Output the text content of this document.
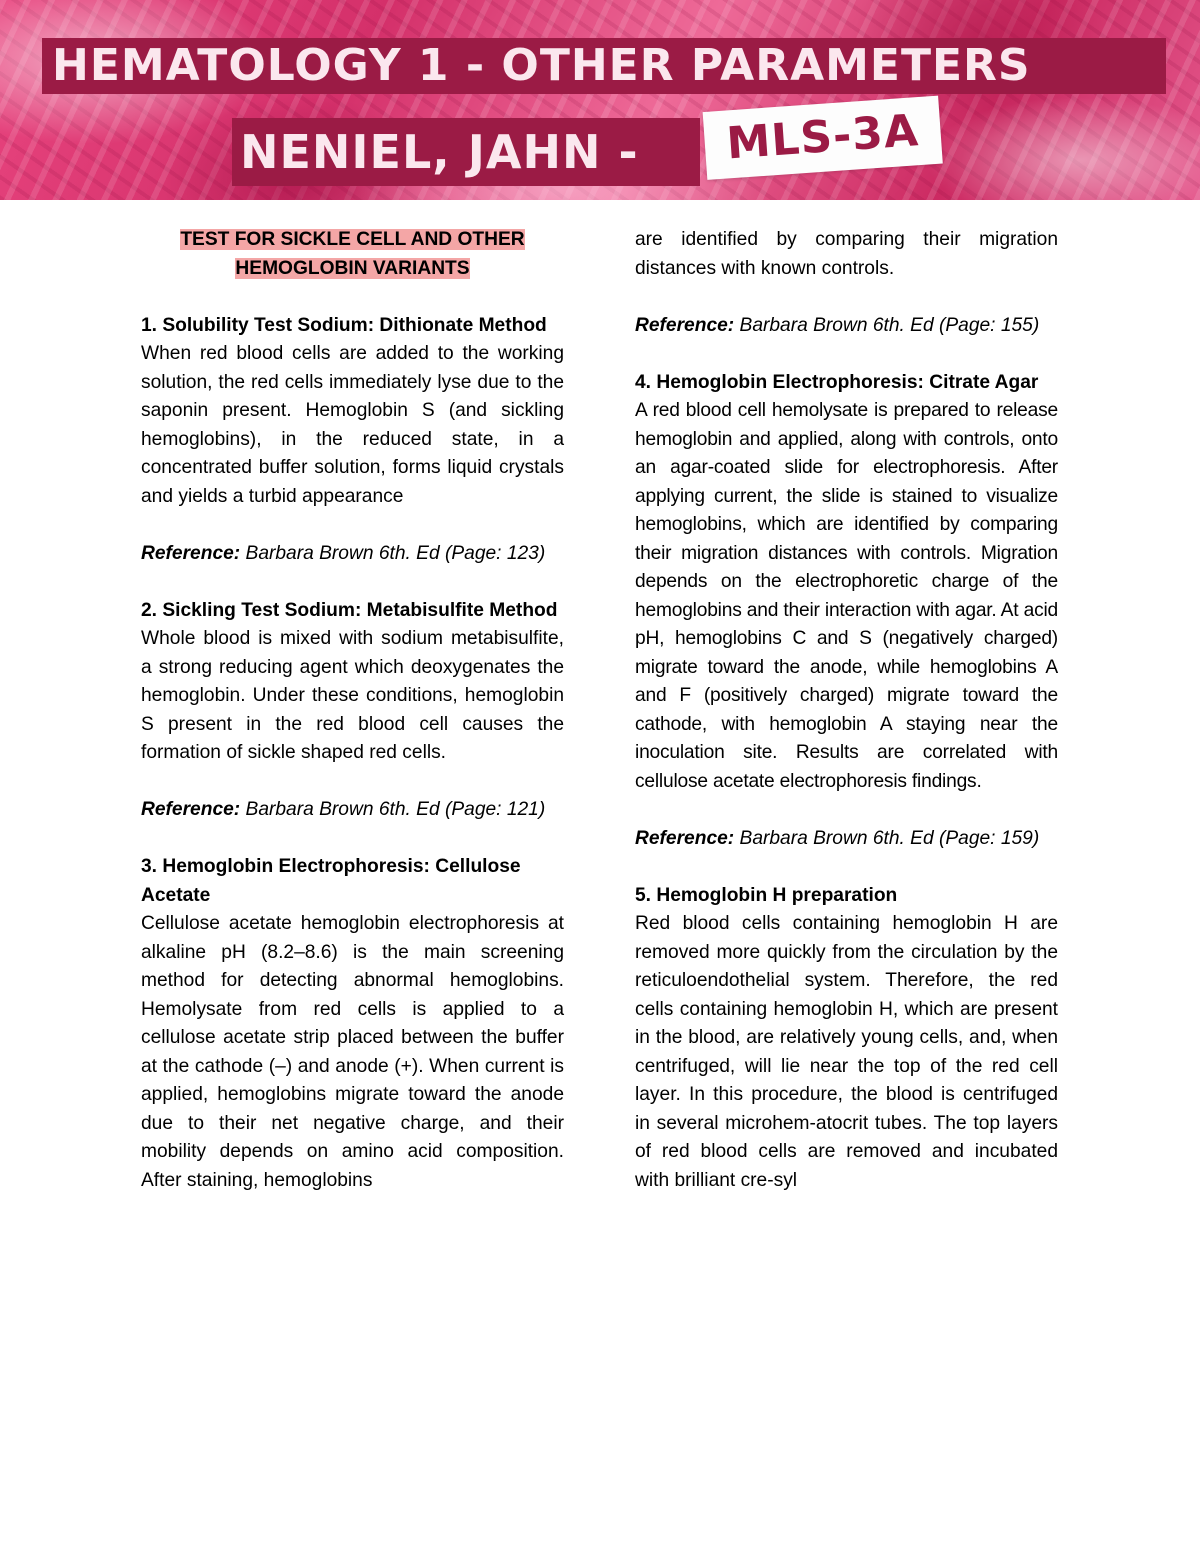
HEMATOLOGY 1 - OTHER PARAMETERS
NENIEL, JAHN -	MLS-3A
TEST FOR SICKLE CELL AND OTHER
HEMOGLOBIN VARIANTS

1. Solubility Test Sodium: Dithionate Method

When red blood cells are added to the working solution, the red cells immediately lyse due to the saponin present. Hemoglobin S (and sickling hemoglobins), in the reduced state, in a concentrated buffer solution, forms liquid crystals and yields a turbid appearance

Reference: Barbara Brown 6th. Ed (Page: 123)

2. Sickling Test Sodium: Metabisulfite Method

Whole blood is mixed with sodium metabisulfite, a strong reducing agent which deoxygenates the hemoglobin. Under these conditions, hemoglobin S present in the red blood cell causes the formation of sickle shaped red cells.

Reference: Barbara Brown 6th. Ed (Page: 121)

3. Hemoglobin Electrophoresis: Cellulose Acetate

Cellulose acetate hemoglobin electrophoresis at alkaline pH (8.2–8.6) is the main screening method for detecting abnormal hemoglobins. Hemolysate from red cells is applied to a cellulose acetate strip placed between the buffer at the cathode (–) and anode (+). When current is applied, hemoglobins migrate toward the anode due to their net negative charge, and their mobility depends on amino acid composition. After staining, hemoglobins

are identified by comparing their migration distances with known controls.

Reference: Barbara Brown 6th. Ed (Page: 155)

4. Hemoglobin Electrophoresis: Citrate Agar

A red blood cell hemolysate is prepared to release hemoglobin and applied, along with controls, onto an agar-coated slide for electrophoresis. After applying current, the slide is stained to visualize hemoglobins, which are identified by comparing their migration distances with controls. Migration depends on the electrophoretic charge of the hemoglobins and their interaction with agar. At acid pH, hemoglobins C and S (negatively charged) migrate toward the anode, while hemoglobins A and F (positively charged) migrate toward the cathode, with hemoglobin A staying near the inoculation site. Results are correlated with cellulose acetate electrophoresis findings.

Reference: Barbara Brown 6th. Ed (Page: 159)

5. Hemoglobin H preparation

Red blood cells containing hemoglobin H are removed more quickly from the circulation by the reticuloendothelial system. Therefore, the red cells containing hemoglobin H, which are present in the blood, are relatively young cells, and, when centrifuged, will lie near the top of the red cell layer. In this procedure, the blood is centrifuged in several microhem-atocrit tubes. The top layers of red blood cells are removed and incubated with brilliant cre-syl
